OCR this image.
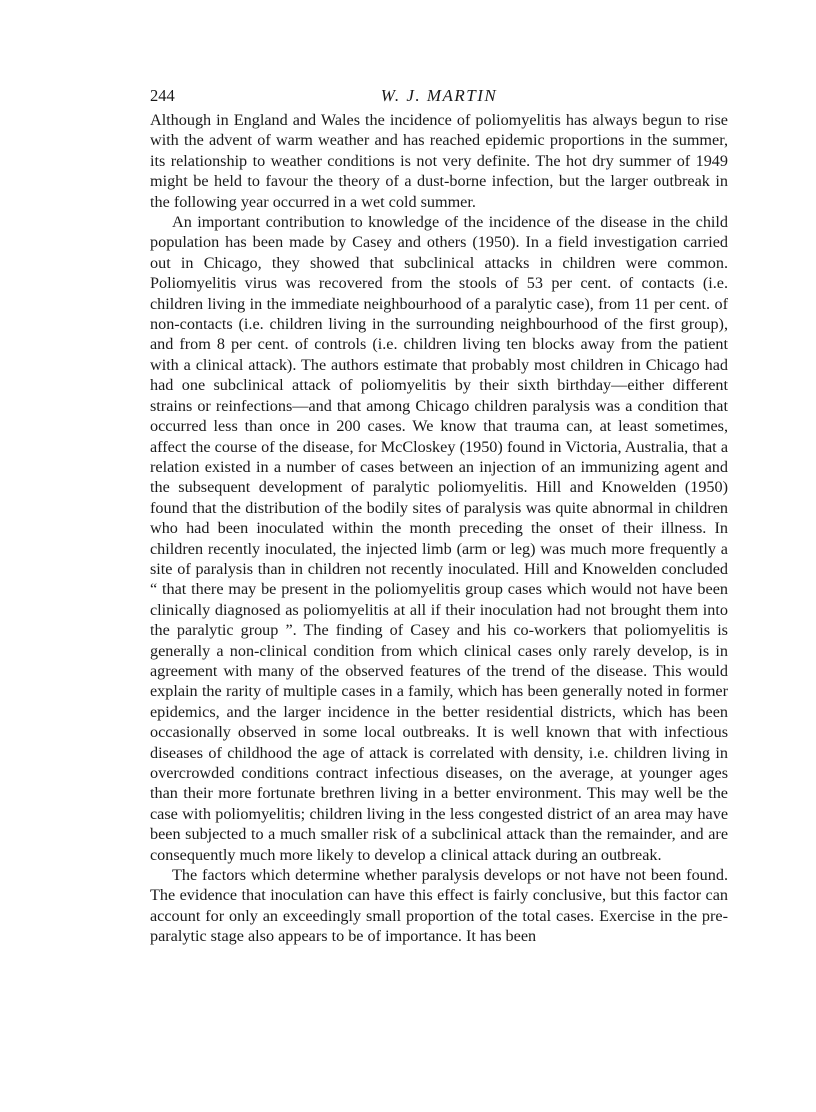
244	W. J. MARTIN

Although in England and Wales the incidence of poliomyelitis has always begun to rise with the advent of warm weather and has reached epidemic proportions in the summer, its relationship to weather conditions is not very definite. The hot dry summer of 1949 might be held to favour the theory of a dust-borne infection, but the larger outbreak in the following year occurred in a wet cold summer.

An important contribution to knowledge of the incidence of the disease in the child population has been made by Casey and others (1950). In a field investigation carried out in Chicago, they showed that subclinical attacks in children were common. Poliomyelitis virus was recovered from the stools of 53 per cent. of contacts (i.e. children living in the immediate neighbourhood of a paralytic case), from 11 per cent. of non-contacts (i.e. children living in the surrounding neighbourhood of the first group), and from 8 per cent. of controls (i.e. children living ten blocks away from the patient with a clinical attack). The authors estimate that probably most children in Chicago had had one subclinical attack of poliomyelitis by their sixth birthday—either different strains or reinfections—and that among Chicago children paralysis was a condition that occurred less than once in 200 cases. We know that trauma can, at least sometimes, affect the course of the disease, for McCloskey (1950) found in Victoria, Australia, that a relation existed in a number of cases between an injection of an immunizing agent and the subsequent development of paralytic poliomyelitis. Hill and Knowelden (1950) found that the distribution of the bodily sites of paralysis was quite abnormal in children who had been inoculated within the month preceding the onset of their illness. In children recently inoculated, the injected limb (arm or leg) was much more frequently a site of paralysis than in children not recently inoculated. Hill and Knowelden concluded “ that there may be present in the poliomyelitis group cases which would not have been clinically diagnosed as poliomyelitis at all if their inoculation had not brought them into the paralytic group ”. The finding of Casey and his co-workers that poliomyelitis is generally a non-clinical condition from which clinical cases only rarely develop, is in agreement with many of the observed features of the trend of the disease. This would explain the rarity of multiple cases in a family, which has been generally noted in former epidemics, and the larger incidence in the better residential districts, which has been occasionally observed in some local outbreaks. It is well known that with infectious diseases of childhood the age of attack is correlated with density, i.e. children living in overcrowded conditions contract infectious diseases, on the average, at younger ages than their more fortunate brethren living in a better environment. This may well be the case with poliomyelitis; children living in the less congested district of an area may have been subjected to a much smaller risk of a subclinical attack than the remainder, and are consequently much more likely to develop a clinical attack during an outbreak.

The factors which determine whether paralysis develops or not have not been found. The evidence that inoculation can have this effect is fairly conclusive, but this factor can account for only an exceedingly small proportion of the total cases. Exercise in the pre-paralytic stage also appears to be of importance. It has been
